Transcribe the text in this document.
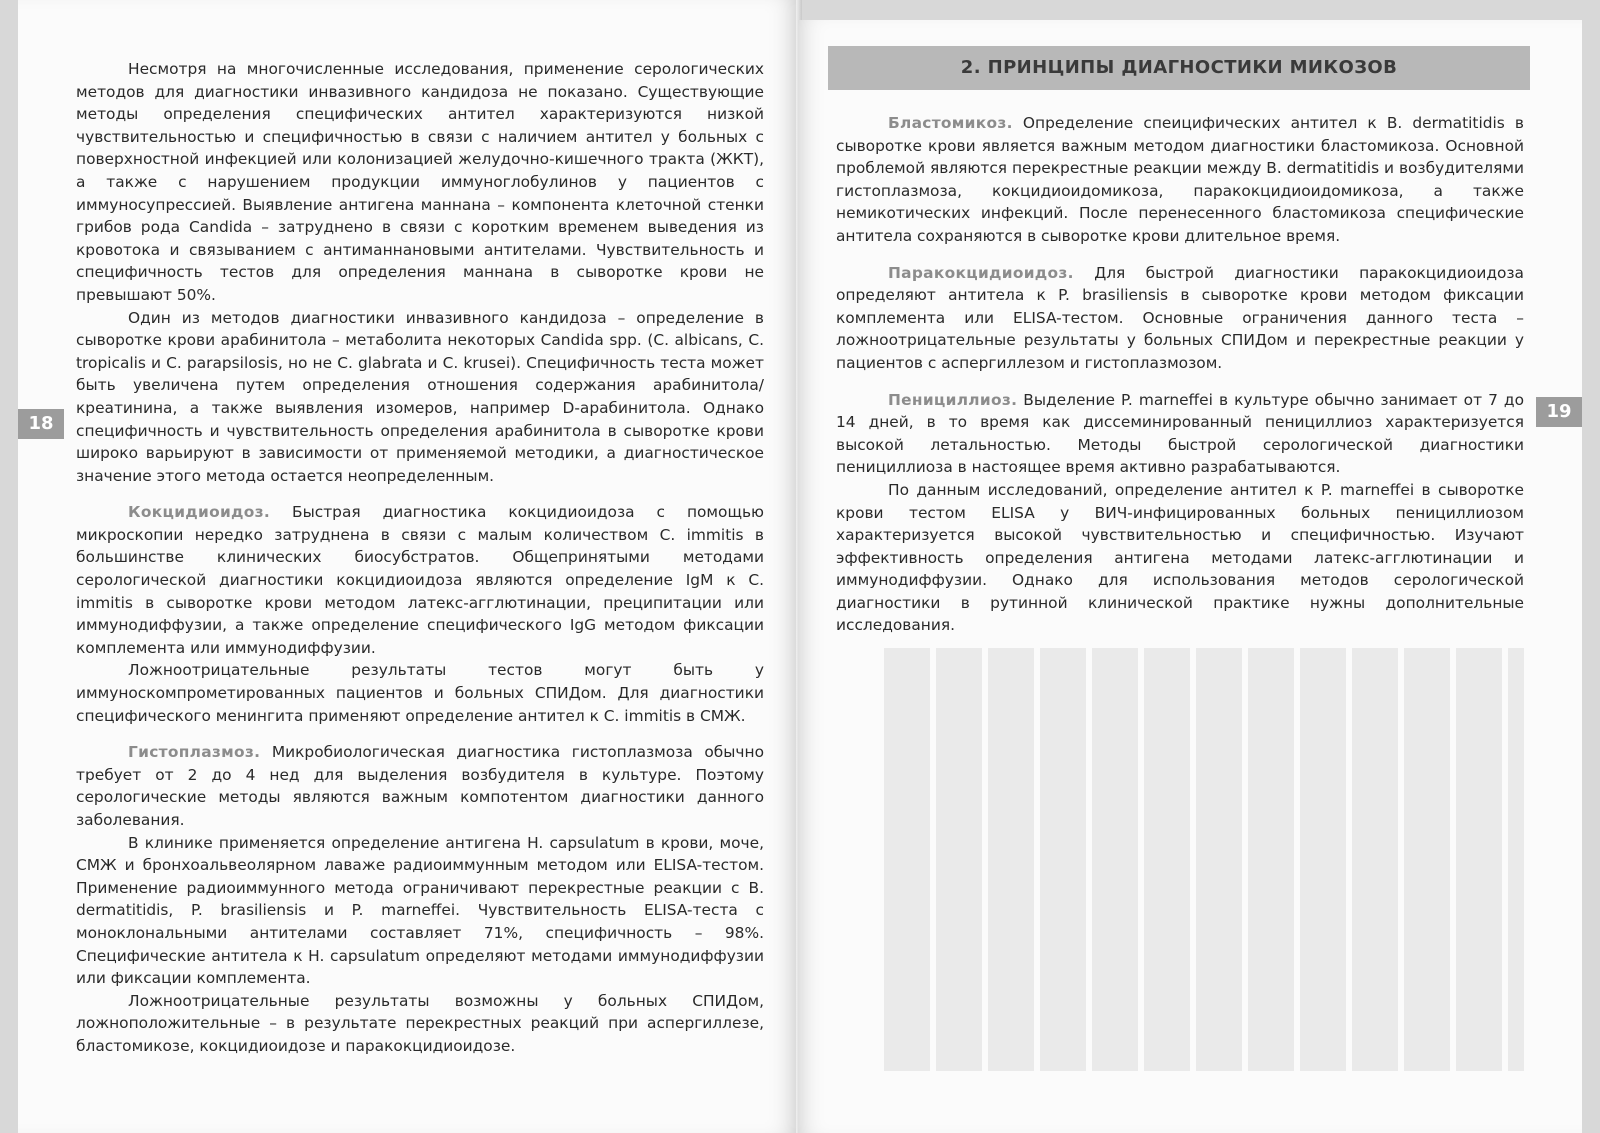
18

Несмотря на многочисленные исследования, применение серологических методов для диагностики инвазивного кандидоза не показано. Существующие методы определения специфических антител характеризуются низкой чувствительностью и специфичностью в связи с наличием антител у больных с поверхностной инфекцией или колонизацией желудочно-кишечного тракта (ЖКТ), а также с нарушением продукции иммуноглобулинов у пациентов с иммуносупрессией. Выявление антигена маннана – компонента клеточной стенки грибов рода Candida – затруднено в связи с коротким временем выведения из кровотока и связыванием с антиманнановыми антителами. Чувствительность и специфичность тестов для определения маннана в сыворотке крови не превышают 50%.

Один из методов диагностики инвазивного кандидоза – определение в сыворотке крови арабинитола – метаболита некоторых Candida spp. (C. albicans, C. tropicalis и C. parapsilosis, но не C. glabrata и C. krusei). Специфичность теста может быть увеличена путем определения отношения содержания арабинитола/креатинина, а также выявления изомеров, например D-арабинитола. Однако специфичность и чувствительность определения арабинитола в сыворотке крови широко варьируют в зависимости от применяемой методики, а диагностическое значение этого метода остается неопределенным.

Кокцидиоидоз. Быстрая диагностика кокцидиоидоза с помощью микроскопии нередко затруднена в связи с малым количеством C. immitis в большинстве клинических биосубстратов. Общепринятыми методами серологической диагностики кокцидиоидоза являются определение IgM к C. immitis в сыворотке крови методом латекс-агглютинации, преципитации или иммунодиффузии, а также определение специфического IgG методом фиксации комплемента или иммунодиффузии.

Ложноотрицательные результаты тестов могут быть у иммуноскомпрометированных пациентов и больных СПИДом. Для диагностики специфического менингита применяют определение антител к C. immitis в СМЖ.

Гистоплазмоз. Микробиологическая диагностика гистоплазмоза обычно требует от 2 до 4 нед для выделения возбудителя в культуре. Поэтому серологические методы являются важным компотентом диагностики данного заболевания.

В клинике применяется определение антигена H. capsulatum в крови, моче, СМЖ и бронхоальвеолярном лаваже радиоиммунным методом или ELISA-тестом. Применение радиоиммунного метода ограничивают перекрестные реакции с B. dermatitidis, P. brasiliensis и P. marneffei. Чувствительность ELISA-теста с моноклональными антителами составляет 71%, специфичность – 98%. Специфические антитела к H. capsulatum определяют методами иммунодиффузии или фиксации комплемента.

Ложноотрицательные результаты возможны у больных СПИДом, ложноположительные – в результате перекрестных реакций при аспергиллезе, бластомикозе, кокцидиоидозе и паракокцидиоидозе.

2. ПРИНЦИПЫ ДИАГНОСТИКИ МИКОЗОВ
19

Бластомикоз. Определение спеицифических антител к B. dermatitidis в сыворотке крови является важным методом диагностики бластомикоза. Основной проблемой являются перекрестные реакции между B. dermatitidis и возбудителями гистоплазмоза, кокцидиоидомикоза, паракокцидиоидомикоза, а также немикотических инфекций. После перенесенного бластомикоза специфические антитела сохраняются в сыворотке крови длительное время.

Паракокцидиоидоз. Для быстрой диагностики паракокцидиоидоза определяют антитела к P. brasiliensis в сыворотке крови методом фиксации комплемента или ELISA-тестом. Основные ограничения данного теста – ложноотрицательные результаты у больных СПИДом и перекрестные реакции у пациентов с аспергиллезом и гистоплазмозом.

Пенициллиоз. Выделение P. marneffei в культуре обычно занимает от 7 до 14 дней, в то время как диссеминированный пенициллиоз характеризуется высокой летальностью. Методы быстрой серологической диагностики пенициллиоза в настоящее время активно разрабатываются.

По данным исследований, определение антител к P. marneffei в сыворотке крови тестом ELISA у ВИЧ-инфицированных больных пенициллиозом характеризуется высокой чувствительностью и специфичностью. Изучают эффективность определения антигена методами латекс-агглютинации и иммунодиффузии. Однако для использования методов серологической диагностики в рутинной клинической практике нужны дополнительные исследования.
